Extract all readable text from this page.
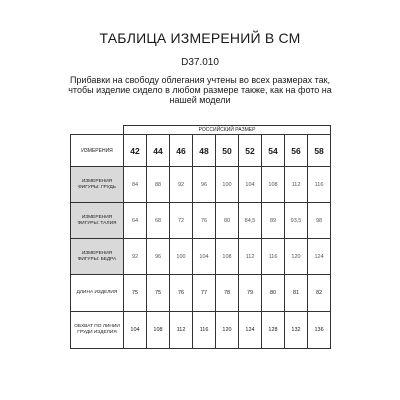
ТАБЛИЦА ИЗМЕРЕНИЙ В СМ
D37.010
Прибавки на свободу облегания учтены во всех размерах так, чтобы изделие сидело в любом размере также, как на фото на нашей модели
	РОССИЙСКИЙ РАЗМЕР								
ИЗМЕРЕНИЯ	42	44	46	48	50	52	54	56	58
ИЗМЕРЕНИЯ ФИГУРЫ: ГРУДЬ	84	88	92	96	100	104	108	112	116
ИЗМЕРЕНИЯ ФИГУРЫ: ТАЛИЯ	64	68	72	76	80	84,5	89	93,5	98
ИЗМЕРЕНИЯ ФИГУРЫ: БЕДРА	92	96	100	104	108	112	116	120	124
ДЛИНА ИЗДЕЛИЯ	75	75	76	77	78	79	80	81	82
ОБХВАТ ПО ЛИНИИ ГРУДИ ИЗДЕЛИЯ	104	108	112	116	120	124	128	132	136
